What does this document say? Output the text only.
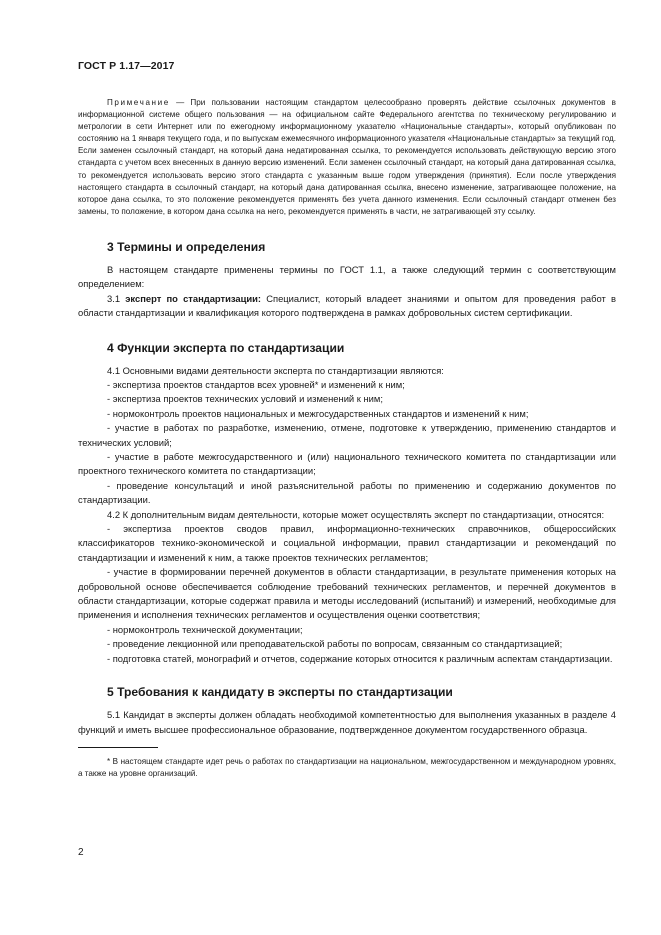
ГОСТ Р 1.17—2017

Примечание — При пользовании настоящим стандартом целесообразно проверять действие ссылочных документов в информационной системе общего пользования — на официальном сайте Федерального агентства по техническому регулированию и метрологии в сети Интернет или по ежегодному информационному указателю «Национальные стандарты», который опубликован по состоянию на 1 января текущего года, и по выпускам ежемесячного информационного указателя «Национальные стандарты» за текущий год. Если заменен ссылочный стандарт, на который дана недатированная ссылка, то рекомендуется использовать действующую версию этого стандарта с учетом всех внесенных в данную версию изменений. Если заменен ссылочный стандарт, на который дана датированная ссылка, то рекомендуется использовать версию этого стандарта с указанным выше годом утверждения (принятия). Если после утверждения настоящего стандарта в ссылочный стандарт, на который дана датированная ссылка, внесено изменение, затрагивающее положение, на которое дана ссылка, то это положение рекомендуется применять без учета данного изменения. Если ссылочный стандарт отменен без замены, то положение, в котором дана ссылка на него, рекомендуется применять в части, не затрагивающей эту ссылку.

3 Термины и определения

В настоящем стандарте применены термины по ГОСТ 1.1, а также следующий термин с соответствующим определением:

3.1 эксперт по стандартизации: Специалист, который владеет знаниями и опытом для проведения работ в области стандартизации и квалификация которого подтверждена в рамках добровольных систем сертификации.

4 Функции эксперта по стандартизации

4.1 Основными видами деятельности эксперта по стандартизации являются:

- экспертиза проектов стандартов всех уровней* и изменений к ним;

- экспертиза проектов технических условий и изменений к ним;

- нормоконтроль проектов национальных и межгосударственных стандартов и изменений к ним;

- участие в работах по разработке, изменению, отмене, подготовке к утверждению, применению стандартов и технических условий;

- участие в работе межгосударственного и (или) национального технического комитета по стандартизации или проектного технического комитета по стандартизации;

- проведение консультаций и иной разъяснительной работы по применению и содержанию документов по стандартизации.

4.2 К дополнительным видам деятельности, которые может осуществлять эксперт по стандартизации, относятся:

- экспертиза проектов сводов правил, информационно-технических справочников, общероссийских классификаторов технико-экономической и социальной информации, правил стандартизации и рекомендаций по стандартизации и изменений к ним, а также проектов технических регламентов;

- участие в формировании перечней документов в области стандартизации, в результате применения которых на добровольной основе обеспечивается соблюдение требований технических регламентов, и перечней документов в области стандартизации, которые содержат правила и методы исследований (испытаний) и измерений, необходимые для применения и исполнения технических регламентов и осуществления оценки соответствия;

- нормоконтроль технической документации;

- проведение лекционной или преподавательской работы по вопросам, связанным со стандартизацией;

- подготовка статей, монографий и отчетов, содержание которых относится к различным аспектам стандартизации.

5 Требования к кандидату в эксперты по стандартизации

5.1 Кандидат в эксперты должен обладать необходимой компетентностью для выполнения указанных в разделе 4 функций и иметь высшее профессиональное образование, подтвержденное документом государственного образца.

* В настоящем стандарте идет речь о работах по стандартизации на национальном, межгосударственном и международном уровнях, а также на уровне организаций.

2
